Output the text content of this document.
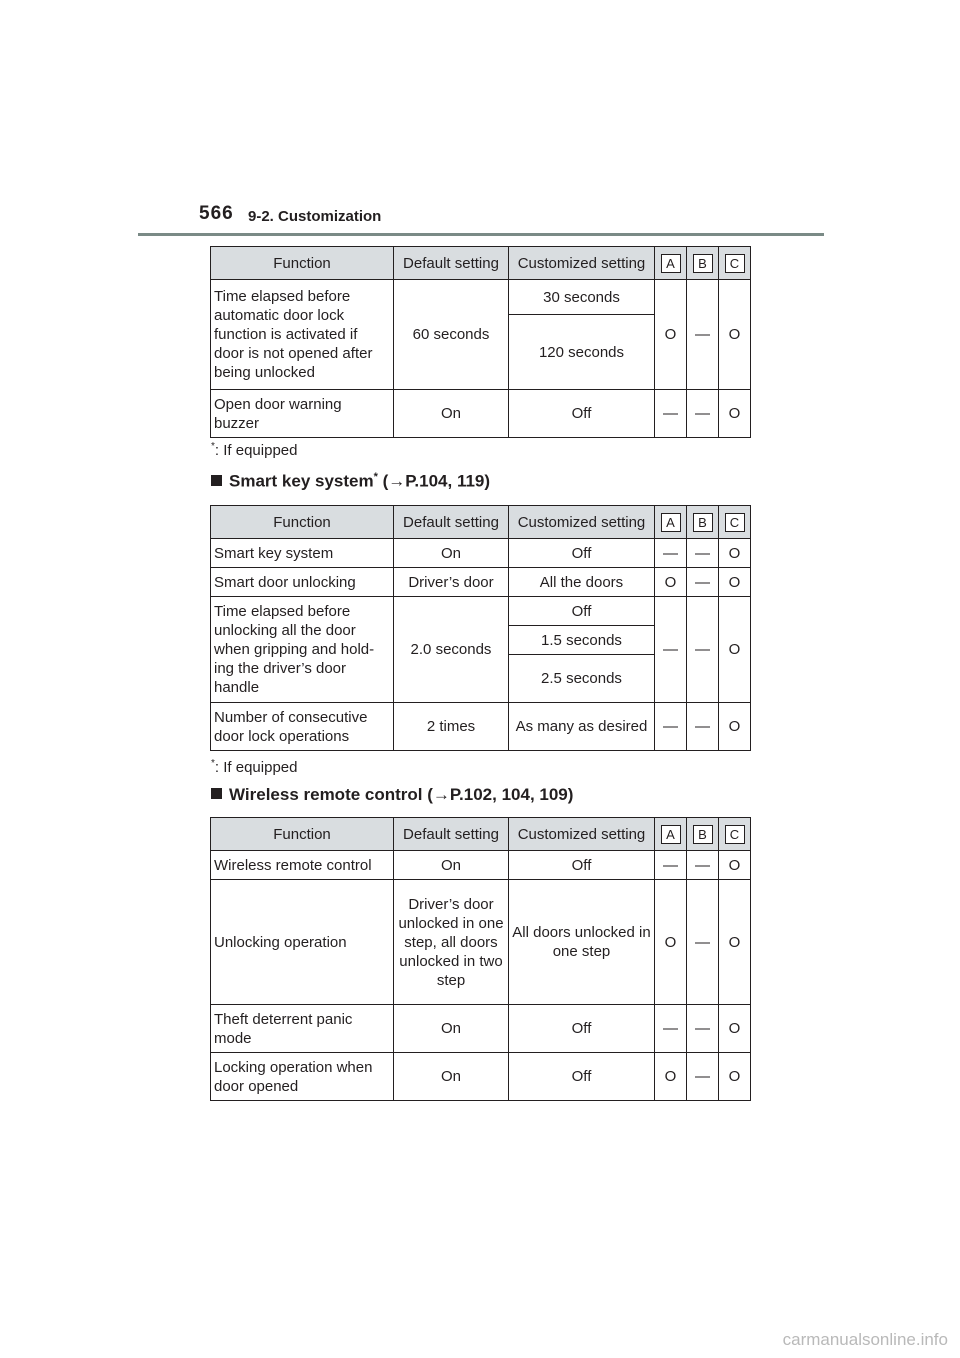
566 9-2. Customization
Function	Default setting	Customized setting	A	B	C
Time elapsed before automatic door lock function is activated if door is not opened after being unlocked	60 seconds	30 seconds	O	—	O
		120 seconds			
Open door warning buzzer	On	Off	—	—	O
*: If equipped
Smart key system* (→P.104, 119)
Function	Default setting	Customized setting	A	B	C
Smart key system	On	Off	—	—	O
Smart door unlocking	Driver’s door	All the doors	O	—	O
Time elapsed before unlocking all the door when gripping and hold-ing the driver’s door handle	2.0 seconds	Off	—	—	O
		1.5 seconds			
		2.5 seconds			
Number of consecutive door lock operations	2 times	As many as desired	—	—	O
*: If equipped
Wireless remote control (→P.102, 104, 109)
Function	Default setting	Customized setting	A	B	C
Wireless remote control	On	Off	—	—	O
Unlocking operation	Driver’s door unlocked in one step, all doors unlocked in two step	All doors unlocked in one step	O	—	O
Theft deterrent panic mode	On	Off	—	—	O
Locking operation when door opened	On	Off	O	—	O
carmanualsonline.info
